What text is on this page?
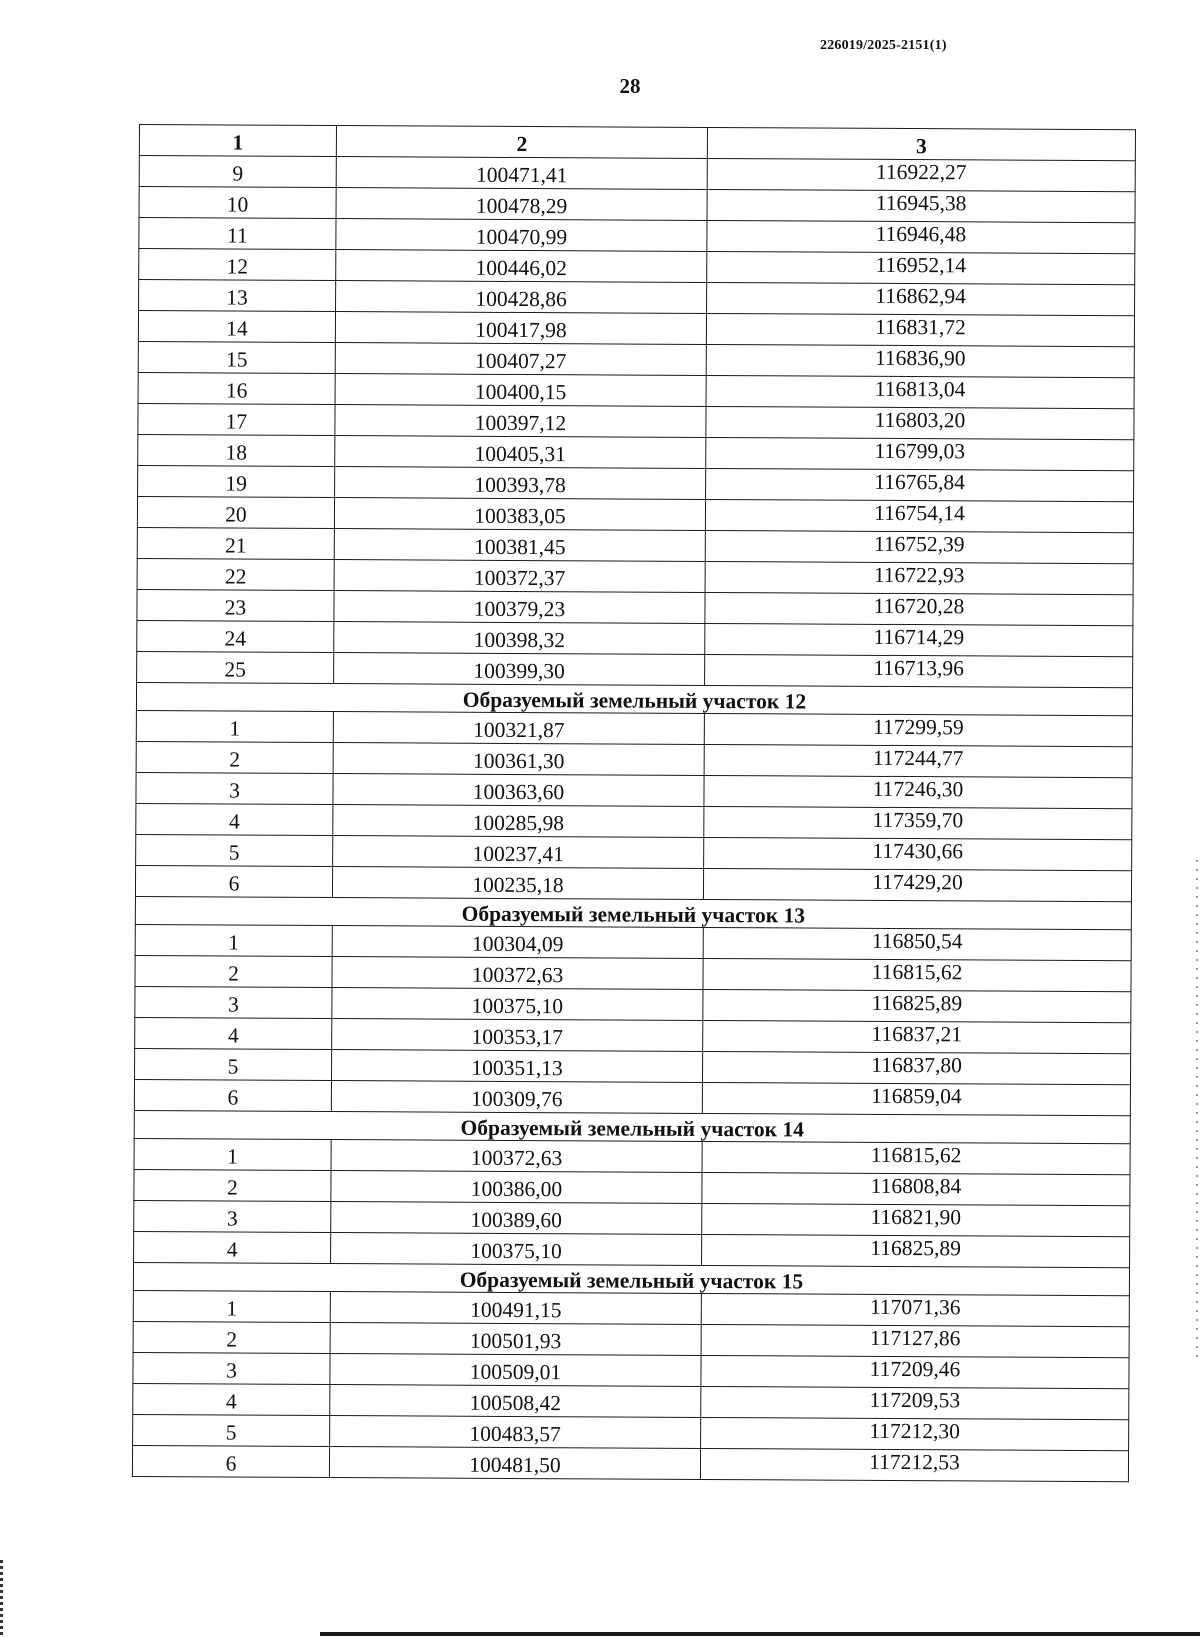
226019/2025-2151(1)
28
1	2	3
9	100471,41	116922,27
10	100478,29	116945,38
11	100470,99	116946,48
12	100446,02	116952,14
13	100428,86	116862,94
14	100417,98	116831,72
15	100407,27	116836,90
16	100400,15	116813,04
17	100397,12	116803,20
18	100405,31	116799,03
19	100393,78	116765,84
20	100383,05	116754,14
21	100381,45	116752,39
22	100372,37	116722,93
23	100379,23	116720,28
24	100398,32	116714,29
25	100399,30	116713,96
Образуемый земельный участок 12		
1	100321,87	117299,59
2	100361,30	117244,77
3	100363,60	117246,30
4	100285,98	117359,70
5	100237,41	117430,66
6	100235,18	117429,20
Образуемый земельный участок 13		
1	100304,09	116850,54
2	100372,63	116815,62
3	100375,10	116825,89
4	100353,17	116837,21
5	100351,13	116837,80
6	100309,76	116859,04
Образуемый земельный участок 14		
1	100372,63	116815,62
2	100386,00	116808,84
3	100389,60	116821,90
4	100375,10	116825,89
Образуемый земельный участок 15		
1	100491,15	117071,36
2	100501,93	117127,86
3	100509,01	117209,46
4	100508,42	117209,53
5	100483,57	117212,30
6	100481,50	117212,53
